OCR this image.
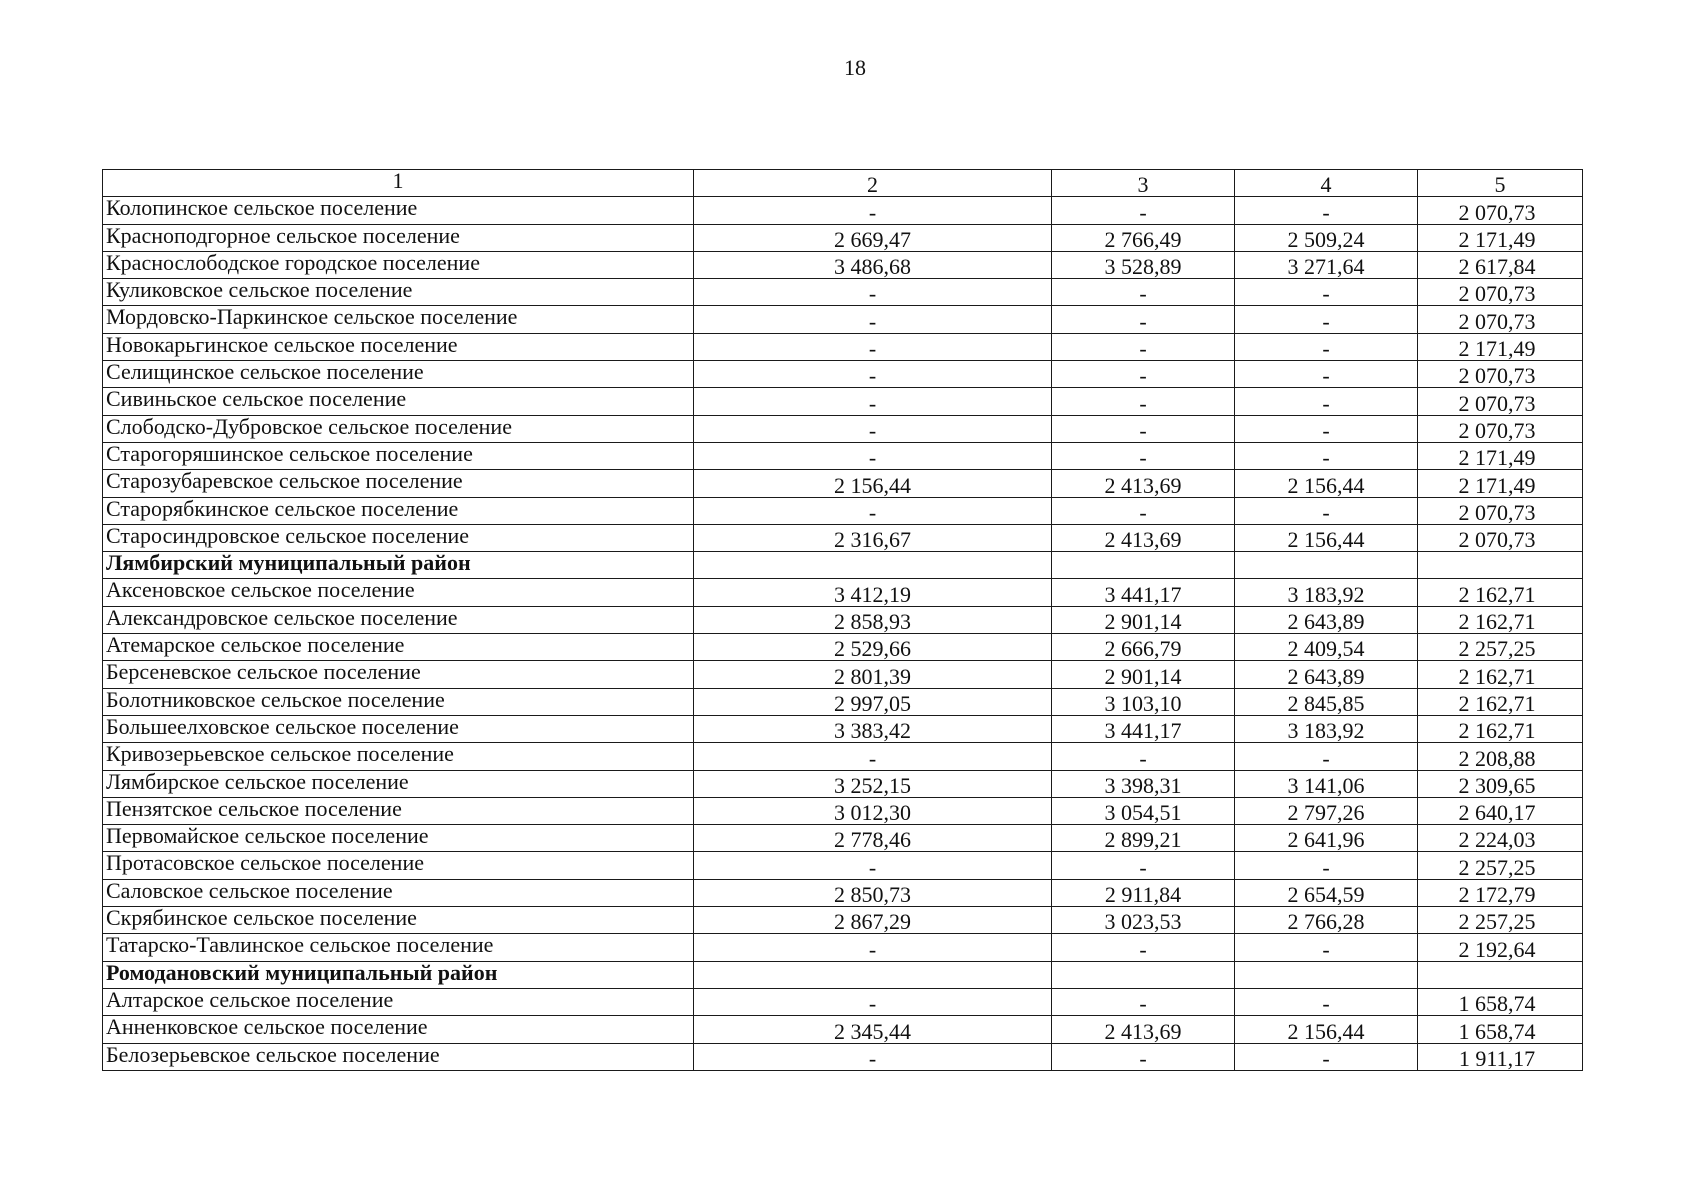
18
1	2	3	4	5
Колопинское сельское поселение	-	-	-	2 070,73
Краснoподгорное сельское поселение	2 669,47	2 766,49	2 509,24	2 171,49
Краснослободское городское поселение	3 486,68	3 528,89	3 271,64	2 617,84
Куликовское сельское поселение	-	-	-	2 070,73
Мордовско-Паркинское сельское поселение	-	-	-	2 070,73
Новокарьгинское сельское поселение	-	-	-	2 171,49
Селищинское сельское поселение	-	-	-	2 070,73
Сивиньское сельское поселение	-	-	-	2 070,73
Слободско-Дубровское сельское поселение	-	-	-	2 070,73
Старогоряшинское сельское поселение	-	-	-	2 171,49
Старозубаревское сельское поселение	2 156,44	2 413,69	2 156,44	2 171,49
Старорябкинское сельское поселение	-	-	-	2 070,73
Старосиндровское сельское поселение	2 316,67	2 413,69	2 156,44	2 070,73
Лямбирский муниципальный район				
Аксеновское сельское поселение	3 412,19	3 441,17	3 183,92	2 162,71
Александровское сельское поселение	2 858,93	2 901,14	2 643,89	2 162,71
Атемарское сельское поселение	2 529,66	2 666,79	2 409,54	2 257,25
Берсеневское сельское поселение	2 801,39	2 901,14	2 643,89	2 162,71
Болотниковское сельское поселение	2 997,05	3 103,10	2 845,85	2 162,71
Большеелховское сельское поселение	3 383,42	3 441,17	3 183,92	2 162,71
Кривозерьевское сельское поселение	-	-	-	2 208,88
Лямбирское сельское поселение	3 252,15	3 398,31	3 141,06	2 309,65
Пензятское сельское поселение	3 012,30	3 054,51	2 797,26	2 640,17
Первомайское сельское поселение	2 778,46	2 899,21	2 641,96	2 224,03
Протасовское сельское поселение	-	-	-	2 257,25
Саловское сельское поселение	2 850,73	2 911,84	2 654,59	2 172,79
Скрябинское сельское поселение	2 867,29	3 023,53	2 766,28	2 257,25
Татарско-Тавлинское сельское поселение	-	-	-	2 192,64
Ромодановский муниципальный район				
Алтарское сельское поселение	-	-	-	1 658,74
Анненковское сельское поселение	2 345,44	2 413,69	2 156,44	1 658,74
Белозерьевское сельское поселение	-	-	-	1 911,17
